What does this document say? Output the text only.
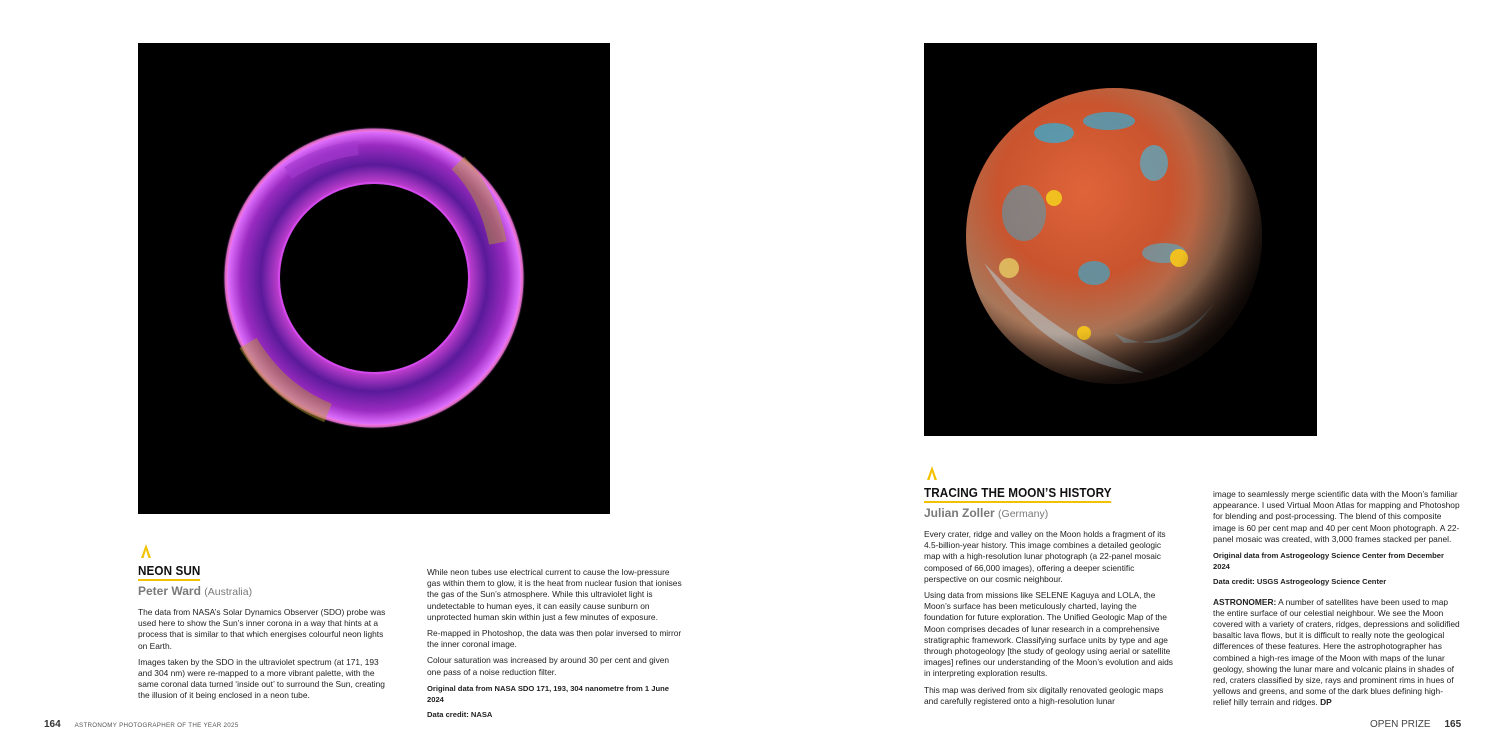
NEON SUN
Peter Ward (Australia)

The data from NASA’s Solar Dynamics Observer (SDO) probe was used here to show the Sun’s inner corona in a way that hints at a process that is similar to that which energises colourful neon lights on Earth.

Images taken by the SDO in the ultraviolet spectrum (at 171, 193 and 304 nm) were re-mapped to a more vibrant palette, with the same coronal data turned ‘inside out’ to surround the Sun, creating the illusion of it being enclosed in a neon tube.

While neon tubes use electrical current to cause the low-pressure gas within them to glow, it is the heat from nuclear fusion that ionises the gas of the Sun’s atmosphere. While this ultraviolet light is undetectable to human eyes, it can easily cause sunburn on unprotected human skin within just a few minutes of exposure.

Re-mapped in Photoshop, the data was then polar inversed to mirror the inner coronal image.

Colour saturation was increased by around 30 per cent and given one pass of a noise reduction filter.

Original data from NASA SDO 171, 193, 304 nanometre from 1 June 2024

Data credit: NASA

164 ASTRONOMY PHOTOGRAPHER OF THE YEAR 2025
TRACING THE MOON’S HISTORY
Julian Zoller (Germany)

Every crater, ridge and valley on the Moon holds a fragment of its 4.5-billion-year history. This image combines a detailed geologic map with a high-resolution lunar photograph (a 22-panel mosaic composed of 66,000 images), offering a deeper scientific perspective on our cosmic neighbour.

Using data from missions like SELENE Kaguya and LOLA, the Moon’s surface has been meticulously charted, laying the foundation for future exploration. The Unified Geologic Map of the Moon comprises decades of lunar research in a comprehensive stratigraphic framework. Classifying surface units by type and age through photogeology [the study of geology using aerial or satellite images] refines our understanding of the Moon’s evolution and aids in interpreting exploration results.

This map was derived from six digitally renovated geologic maps and carefully registered onto a high-resolution lunar

image to seamlessly merge scientific data with the Moon’s familiar appearance. I used Virtual Moon Atlas for mapping and Photoshop for blending and post-processing. The blend of this composite image is 60 per cent map and 40 per cent Moon photograph. A 22-panel mosaic was created, with 3,000 frames stacked per panel.

Original data from Astrogeology Science Center from December 2024

Data credit: USGS Astrogeology Science Center

ASTRONOMER: A number of satellites have been used to map the entire surface of our celestial neighbour. We see the Moon covered with a variety of craters, ridges, depressions and solidified basaltic lava flows, but it is difficult to really note the geological differences of these features. Here the astrophotographer has combined a high-res image of the Moon with maps of the lunar geology, showing the lunar mare and volcanic plains in shades of red, craters classified by size, rays and prominent rims in hues of yellows and greens, and some of the dark blues defining high-relief hilly terrain and ridges. DP

OPEN PRIZE 165
